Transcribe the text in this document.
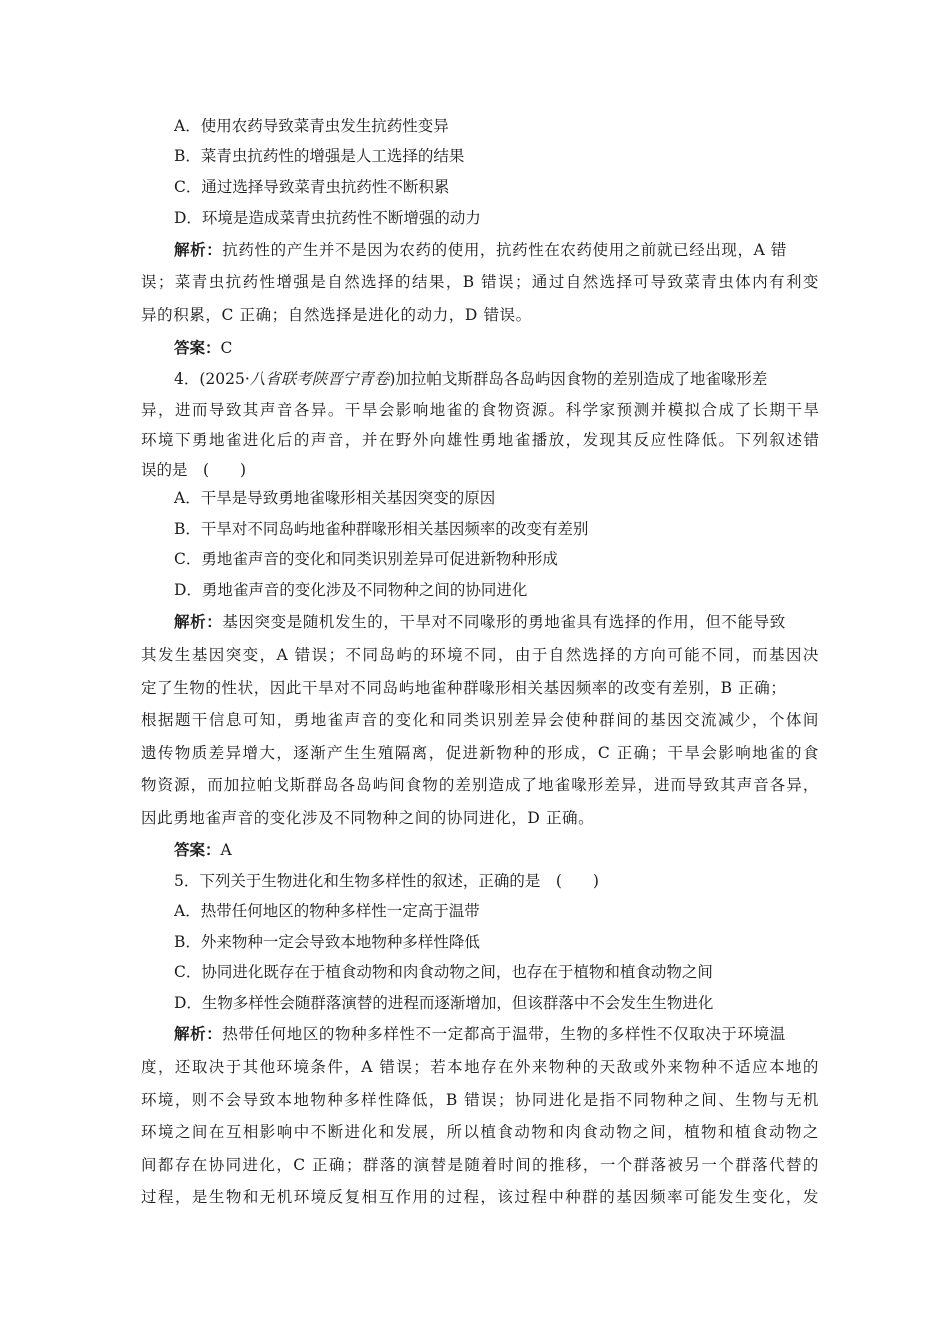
A．使用农药导致菜青虫发生抗药性变异
B．菜青虫抗药性的增强是人工选择的结果
C．通过选择导致菜青虫抗药性不断积累
D．环境是造成菜青虫抗药性不断增强的动力
解析：抗药性的产生并不是因为农药的使用，抗药性在农药使用之前就已经出现，A 错
误；菜青虫抗药性增强是自然选择的结果，B 错误；通过自然选择可导致菜青虫体内有利变
异的积累，C 正确；自然选择是进化的动力，D 错误。
答案：C
4．(2025·八省联考陕晋宁青卷)加拉帕戈斯群岛各岛屿因食物的差别造成了地雀喙形差
异，进而导致其声音各异。干旱会影响地雀的食物资源。科学家预测并模拟合成了长期干旱
环境下勇地雀进化后的声音，并在野外向雄性勇地雀播放，发现其反应性降低。下列叙述错
误的是　(　　)
A．干旱是导致勇地雀喙形相关基因突变的原因
B．干旱对不同岛屿地雀种群喙形相关基因频率的改变有差别
C．勇地雀声音的变化和同类识别差异可促进新物种形成
D．勇地雀声音的变化涉及不同物种之间的协同进化
解析：基因突变是随机发生的，干旱对不同喙形的勇地雀具有选择的作用，但不能导致
其发生基因突变，A 错误；不同岛屿的环境不同，由于自然选择的方向可能不同，而基因决
定了生物的性状，因此干旱对不同岛屿地雀种群喙形相关基因频率的改变有差别，B 正确；
根据题干信息可知，勇地雀声音的变化和同类识别差异会使种群间的基因交流减少，个体间
遗传物质差异增大，逐渐产生生殖隔离，促进新物种的形成，C 正确；干旱会影响地雀的食
物资源，而加拉帕戈斯群岛各岛屿间食物的差别造成了地雀喙形差异，进而导致其声音各异，
因此勇地雀声音的变化涉及不同物种之间的协同进化，D 正确。
答案：A
5．下列关于生物进化和生物多样性的叙述，正确的是　(　　)
A．热带任何地区的物种多样性一定高于温带
B．外来物种一定会导致本地物种多样性降低
C．协同进化既存在于植食动物和肉食动物之间，也存在于植物和植食动物之间
D．生物多样性会随群落演替的进程而逐渐增加，但该群落中不会发生生物进化
解析：热带任何地区的物种多样性不一定都高于温带，生物的多样性不仅取决于环境温
度，还取决于其他环境条件，A 错误；若本地存在外来物种的天敌或外来物种不适应本地的
环境，则不会导致本地物种多样性降低，B 错误；协同进化是指不同物种之间、生物与无机
环境之间在互相影响中不断进化和发展，所以植食动物和肉食动物之间，植物和植食动物之
间都存在协同进化，C 正确；群落的演替是随着时间的推移，一个群落被另一个群落代替的
过程，是生物和无机环境反复相互作用的过程，该过程中种群的基因频率可能发生变化，发
